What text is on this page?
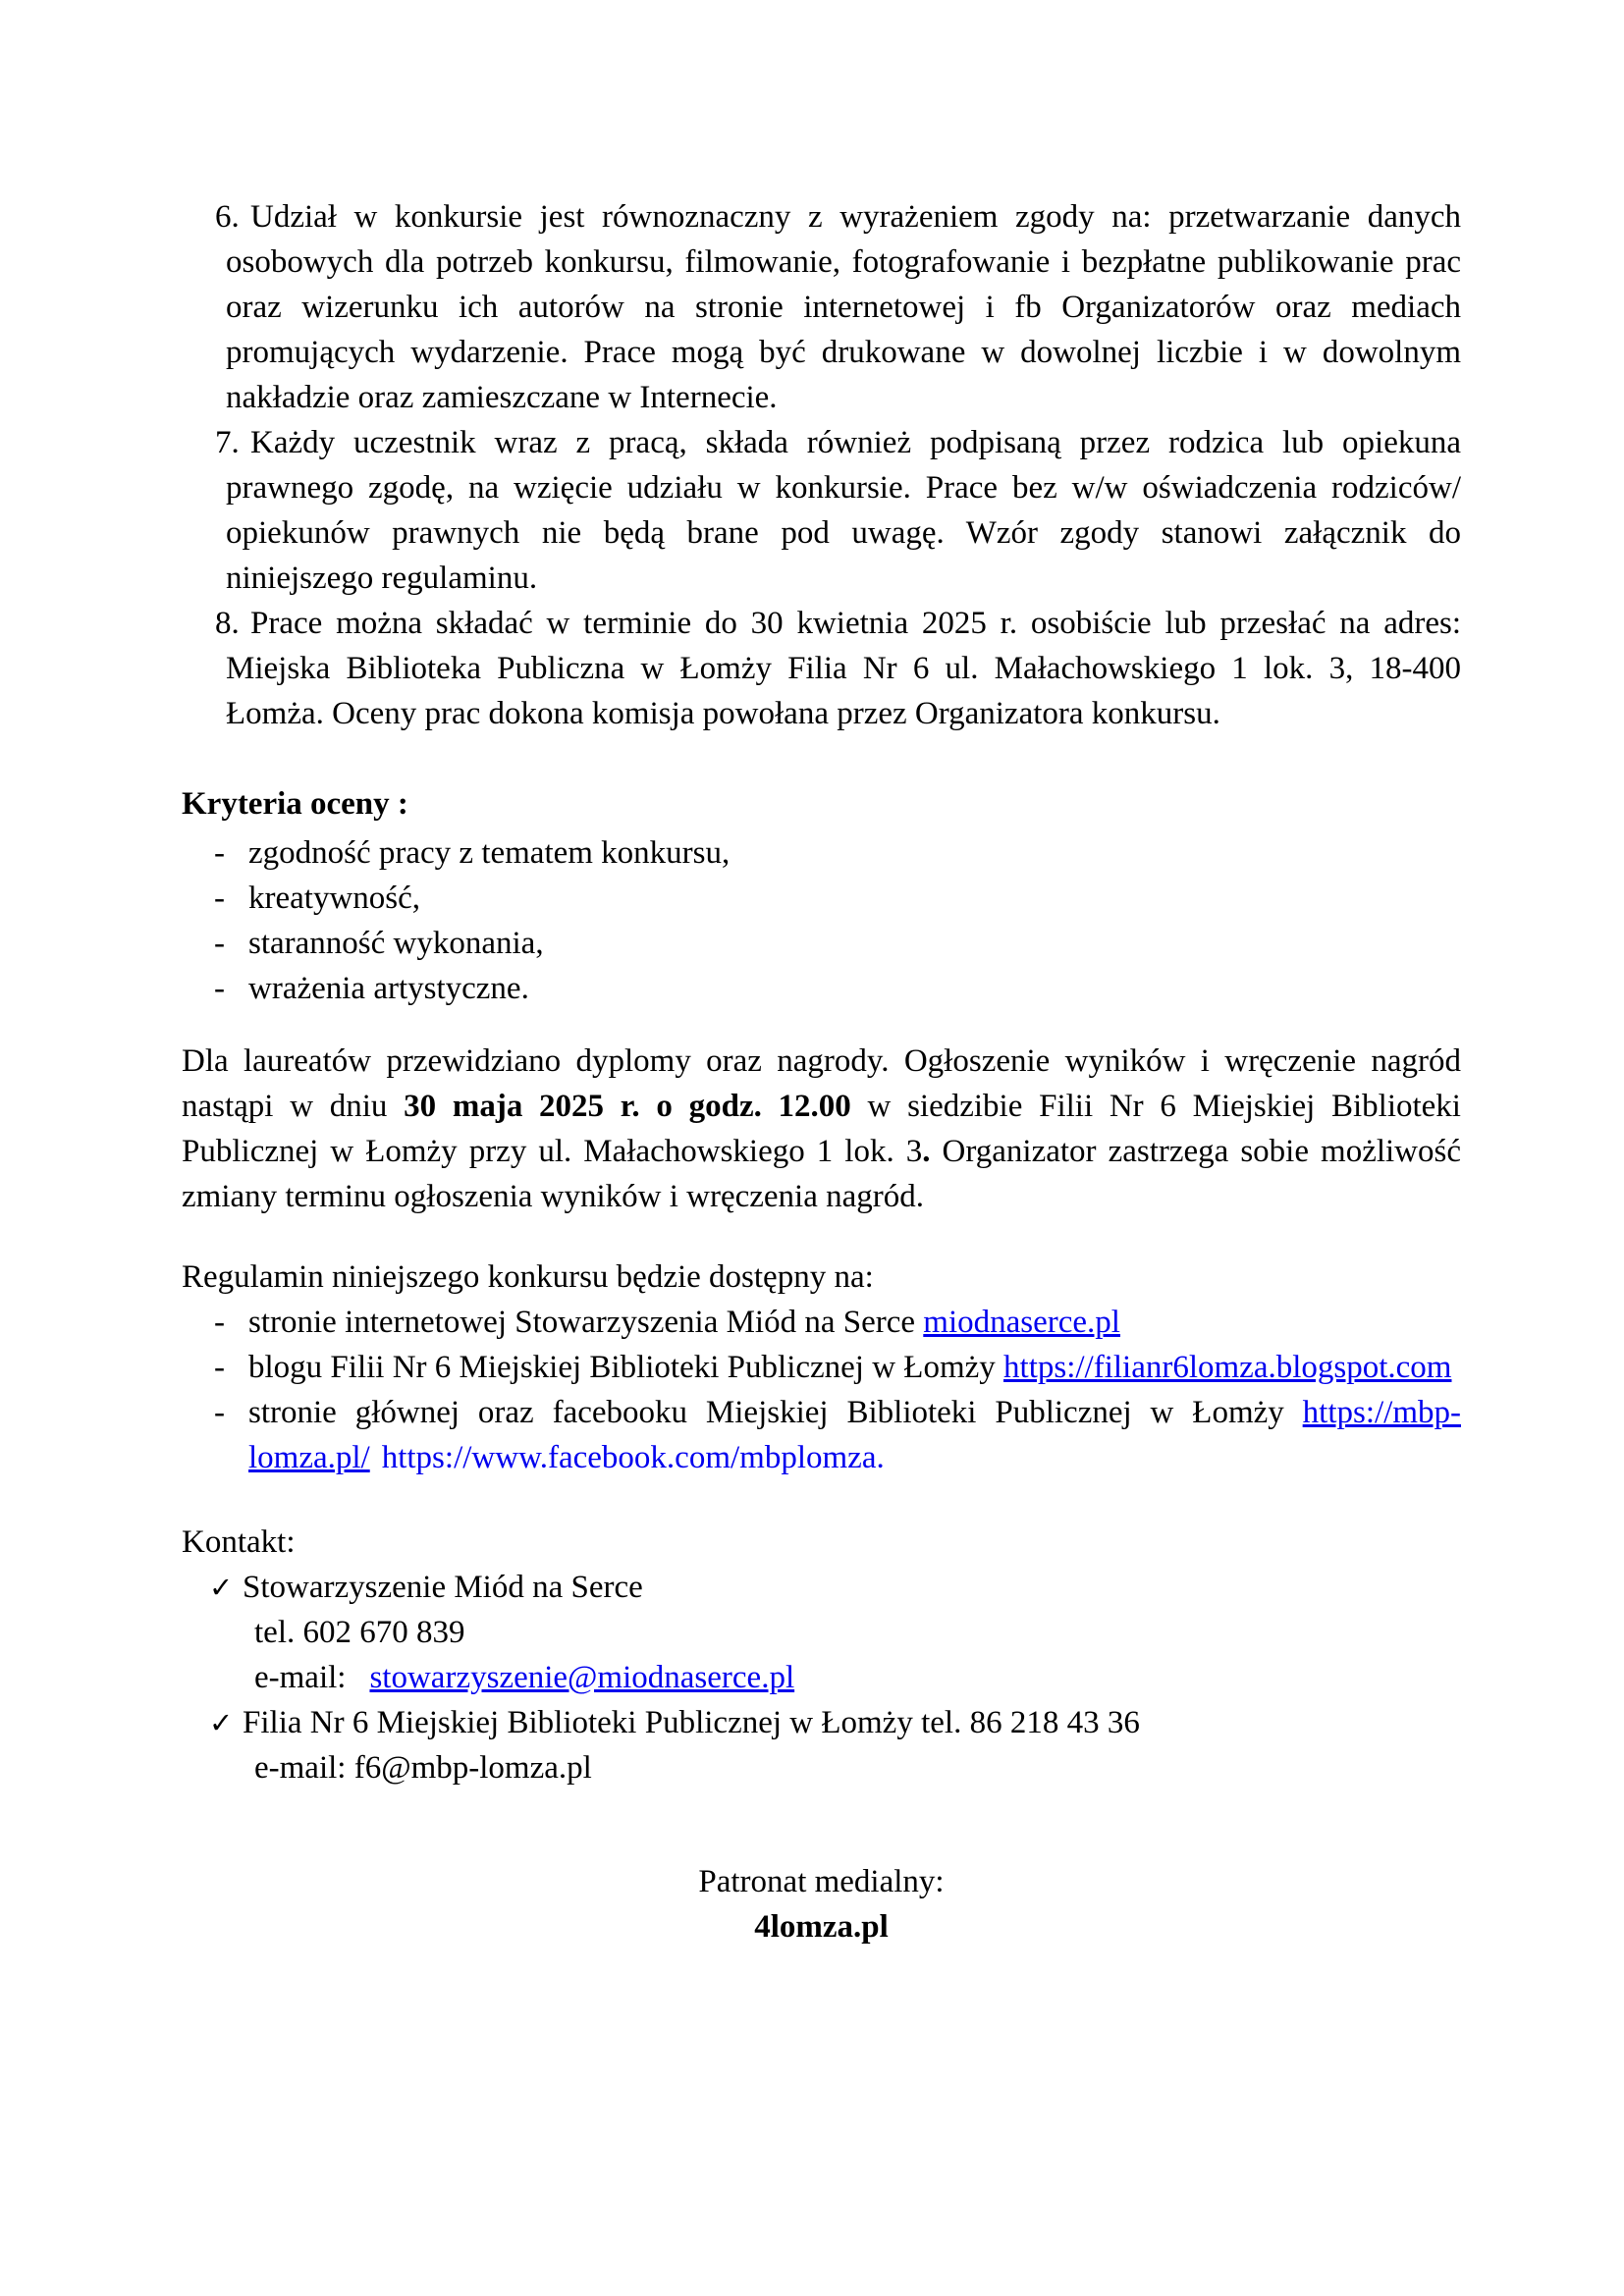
6. Udział w konkursie jest równoznaczny z wyrażeniem zgody na: przetwarzanie danych osobowych dla potrzeb konkursu, filmowanie, fotografowanie i bezpłatne publikowanie prac oraz wizerunku ich autorów na stronie internetowej i fb Organizatorów oraz mediach promujących wydarzenie. Prace mogą być drukowane w dowolnej liczbie i w dowolnym nakładzie oraz zamieszczane w Internecie.
7. Każdy uczestnik wraz z pracą, składa również podpisaną przez rodzica lub opiekuna prawnego zgodę, na wzięcie udziału w konkursie. Prace bez w/w oświadczenia rodziców/ opiekunów prawnych nie będą brane pod uwagę. Wzór zgody stanowi załącznik do niniejszego regulaminu.
8. Prace można składać w terminie do 30 kwietnia 2025 r. osobiście lub przesłać na adres: Miejska Biblioteka Publiczna w Łomży Filia Nr 6 ul. Małachowskiego 1 lok. 3, 18-400 Łomża. Oceny prac dokona komisja powołana przez Organizatora konkursu.
Kryteria oceny :
- zgodność pracy z tematem konkursu,
- kreatywność,
- staranność wykonania,
- wrażenia artystyczne.

Dla laureatów przewidziano dyplomy oraz nagrody. Ogłoszenie wyników i wręczenie nagród nastąpi w dniu 30 maja 2025 r. o godz. 12.00 w siedzibie Filii Nr 6 Miejskiej Biblioteki Publicznej w Łomży przy ul. Małachowskiego 1 lok. 3. Organizator zastrzega sobie możliwość zmiany terminu ogłoszenia wyników i wręczenia nagród.

Regulamin niniejszego konkursu będzie dostępny na:
- stronie internetowej Stowarzyszenia Miód na Serce miodnaserce.pl
- blogu Filii Nr 6 Miejskiej Biblioteki Publicznej w Łomży https://filianr6lomza.blogspot.com
- stronie głównej oraz facebooku Miejskiej Biblioteki Publicznej w Łomży https://mbp-lomza.pl/ https://www.facebook.com/mbplomza.
Kontakt:
✓ Stowarzyszenie Miód na Serce
tel. 602 670 839
e-mail: stowarzyszenie@miodnaserce.pl
✓ Filia Nr 6 Miejskiej Biblioteki Publicznej w Łomży tel. 86 218 43 36
e-mail: f6@mbp-lomza.pl
Patronat medialny:
4lomza.pl
